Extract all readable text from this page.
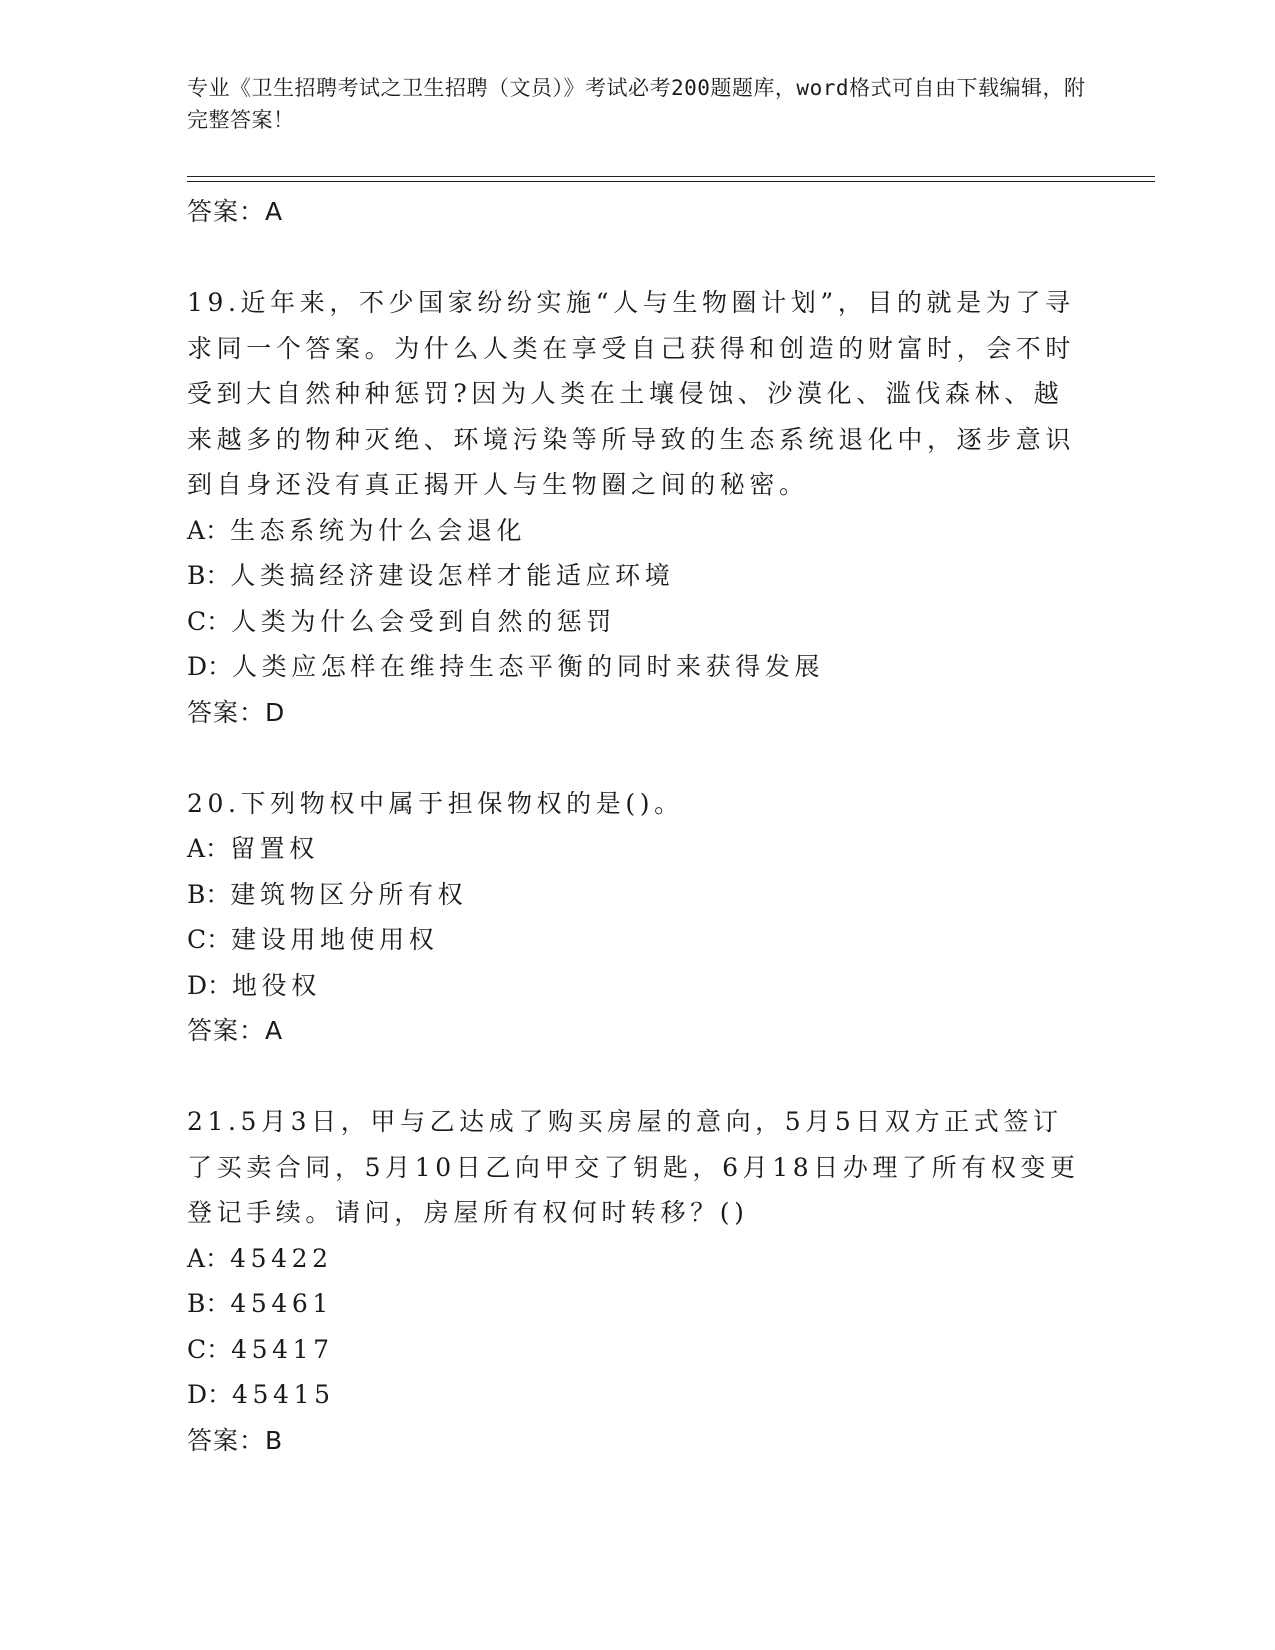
专业《卫生招聘考试之卫生招聘（文员）》考试必考200题题库，word格式可自由下载编辑，附完整答案！
答案：A

19.近年来，不少国家纷纷实施“人与生物圈计划”，目的就是为了寻求同一个答案。为什么人类在享受自己获得和创造的财富时，会不时受到大自然种种惩罚?因为人类在土壤侵蚀、沙漠化、滥伐森林、越来越多的物种灭绝、环境污染等所导致的生态系统退化中，逐步意识到自身还没有真正揭开人与生物圈之间的秘密。

A：生态系统为什么会退化
B：人类搞经济建设怎样才能适应环境
C：人类为什么会受到自然的惩罚
D：人类应怎样在维持生态平衡的同时来获得发展
答案：D

20.下列物权中属于担保物权的是()。

A：留置权
B：建筑物区分所有权
C：建设用地使用权
D：地役权
答案：A

21.5月3日，甲与乙达成了购买房屋的意向，5月5日双方正式签订了买卖合同，5月10日乙向甲交了钥匙，6月18日办理了所有权变更登记手续。请问，房屋所有权何时转移？()

A：45422
B：45461
C：45417
D：45415
答案：B
